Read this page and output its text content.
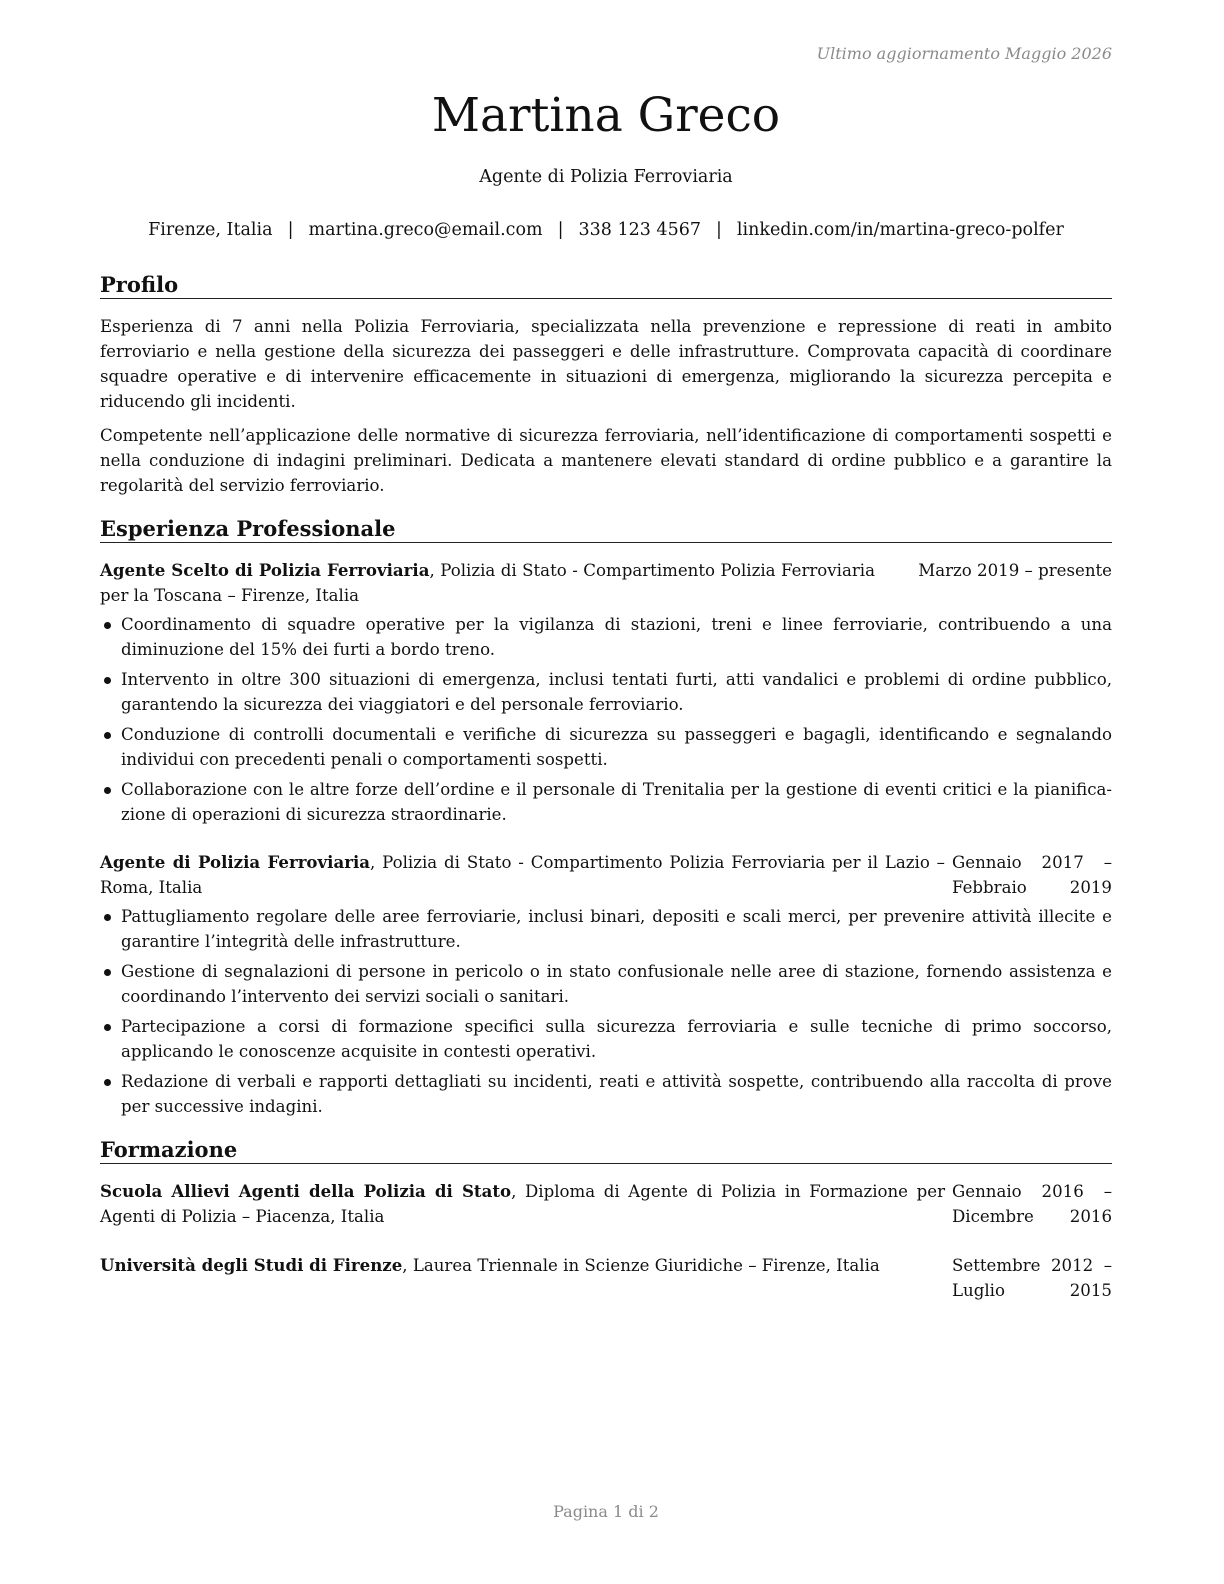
Ultimo aggiornamento Maggio 2026
Martina Greco
Agente di Polizia Ferroviaria
Firenze, Italia | martina.greco@email.com | 338 123 4567 | linkedin.com/in/martina-greco-polfer
Profilo
Esperienza di 7 anni nella Polizia Ferroviaria, specializzata nella prevenzione e repressione di reati in ambito ferroviario e nella gestione della sicurezza dei passeggeri e delle infrastrutture. Comprovata capacità di coordinare squadre operative e di intervenire efficacemente in situazioni di emergenza, migliorando la sicurezza percepita e riducendo gli incidenti.
Competente nell’applicazione delle normative di sicurezza ferroviaria, nell’identificazione di comportamenti sospetti e nella conduzione di indagini preliminari. Dedicata a mantenere elevati standard di ordine pubblico e a garantire la regolarità del servizio ferroviario.
Esperienza Professionale
Agente Scelto di Polizia Ferroviaria, Polizia di Stato - Compartimento Polizia Ferroviaria per la Toscana – Firenze, Italia
Marzo 2019 – presente
Coordinamento di squadre operative per la vigilanza di stazioni, treni e linee ferroviarie, contribuendo a una diminuzione del 15% dei furti a bordo treno.
Intervento in oltre 300 situazioni di emergenza, inclusi tentati furti, atti vandalici e problemi di ordine pubblico, garantendo la sicurezza dei viaggiatori e del personale ferroviario.
Conduzione di controlli documentali e verifiche di sicurezza su passeggeri e bagagli, identificando e segnalando individui con precedenti penali o comportamenti sospetti.
Collaborazione con le altre forze dell’ordine e il personale di Trenitalia per la gestione di eventi critici e la pianifica-zione di operazioni di sicurezza straordinarie.
Agente di Polizia Ferroviaria, Polizia di Stato - Compartimento Polizia Ferroviaria per il Lazio – Roma, Italia
Gennaio 2017 – Febbraio 2019
Pattugliamento regolare delle aree ferroviarie, inclusi binari, depositi e scali merci, per prevenire attività illecite e garantire l’integrità delle infrastrutture.
Gestione di segnalazioni di persone in pericolo o in stato confusionale nelle aree di stazione, fornendo assistenza e coordinando l’intervento dei servizi sociali o sanitari.
Partecipazione a corsi di formazione specifici sulla sicurezza ferroviaria e sulle tecniche di primo soccorso, applicando le conoscenze acquisite in contesti operativi.
Redazione di verbali e rapporti dettagliati su incidenti, reati e attività sospette, contribuendo alla raccolta di prove per successive indagini.
Formazione
Scuola Allievi Agenti della Polizia di Stato, Diploma di Agente di Polizia in Formazione per Agenti di Polizia – Piacenza, Italia
Gennaio 2016 – Dicembre 2016
Università degli Studi di Firenze, Laurea Triennale in Scienze Giuridiche – Firenze, Italia	Settembre 2012 – Luglio 2015
Pagina 1 di 2
